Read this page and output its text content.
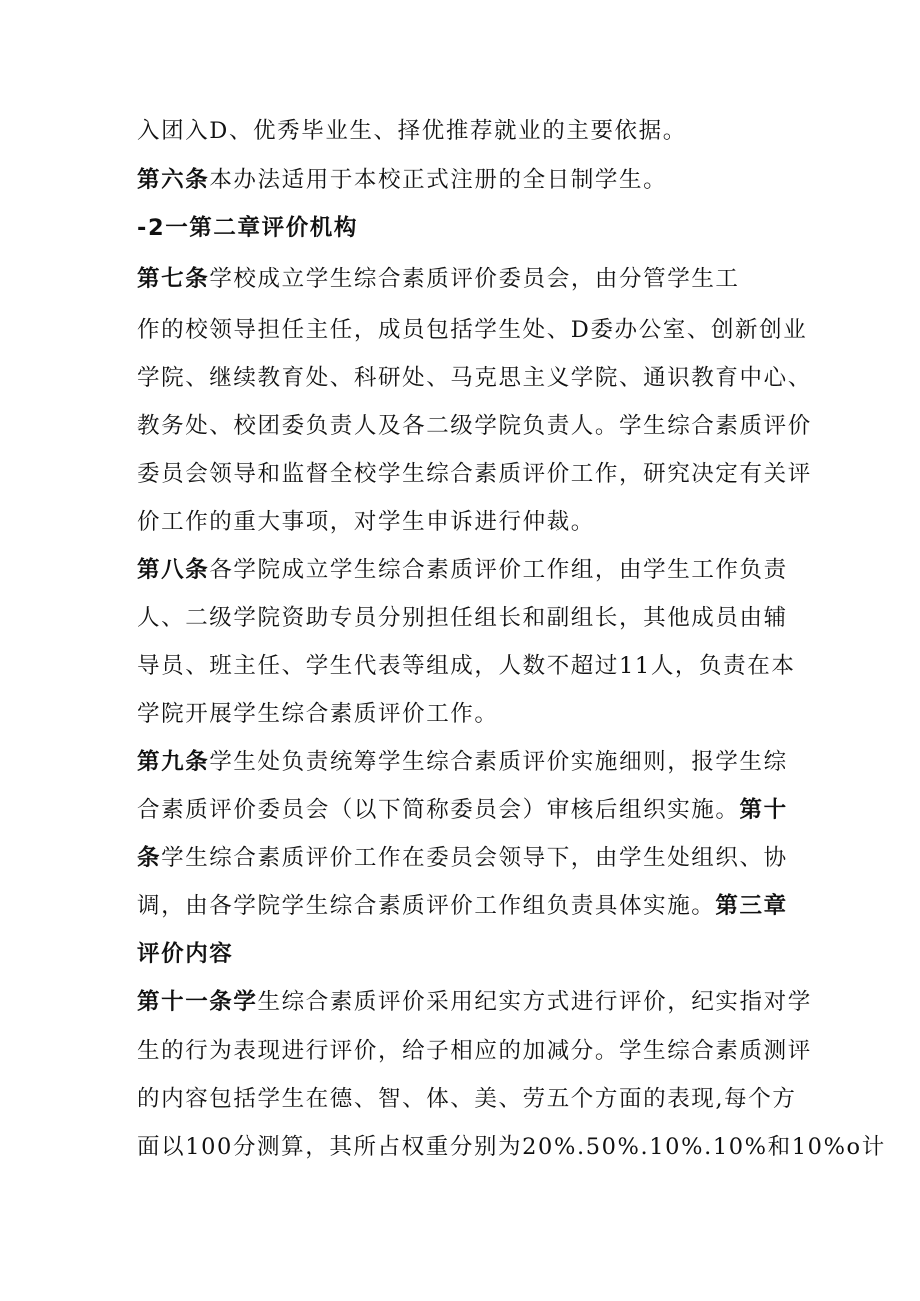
入团入D、优秀毕业生、择优推荐就业的主要依据。
第六条本办法适用于本校正式注册的全日制学生。
-2一第二章评价机构
第七条学校成立学生综合素质评价委员会，由分管学生工
作的校领导担任主任，成员包括学生处、D委办公室、创新创业
学院、继续教育处、科研处、马克思主义学院、通识教育中心、
教务处、校团委负责人及各二级学院负责人。学生综合素质评价
委员会领导和监督全校学生综合素质评价工作，研究决定有关评
价工作的重大事项，对学生申诉进行仲裁。
第八条各学院成立学生综合素质评价工作组，由学生工作负责
人、二级学院资助专员分别担任组长和副组长，其他成员由辅
导员、班主任、学生代表等组成，人数不超过11人，负责在本
学院开展学生综合素质评价工作。
第九条学生处负责统筹学生综合素质评价实施细则，报学生综
合素质评价委员会（以下简称委员会）审核后组织实施。第十
条学生综合素质评价工作在委员会领导下，由学生处组织、协
调，由各学院学生综合素质评价工作组负责具体实施。第三章
评价内容
第十一条学生综合素质评价采用纪实方式进行评价，纪实指对学
生的行为表现进行评价，给子相应的加减分。学生综合素质测评
的内容包括学生在德、智、体、美、劳五个方面的表现,每个方
面以100分测算，其所占权重分别为20%.50%.10%.10%和10%o计
